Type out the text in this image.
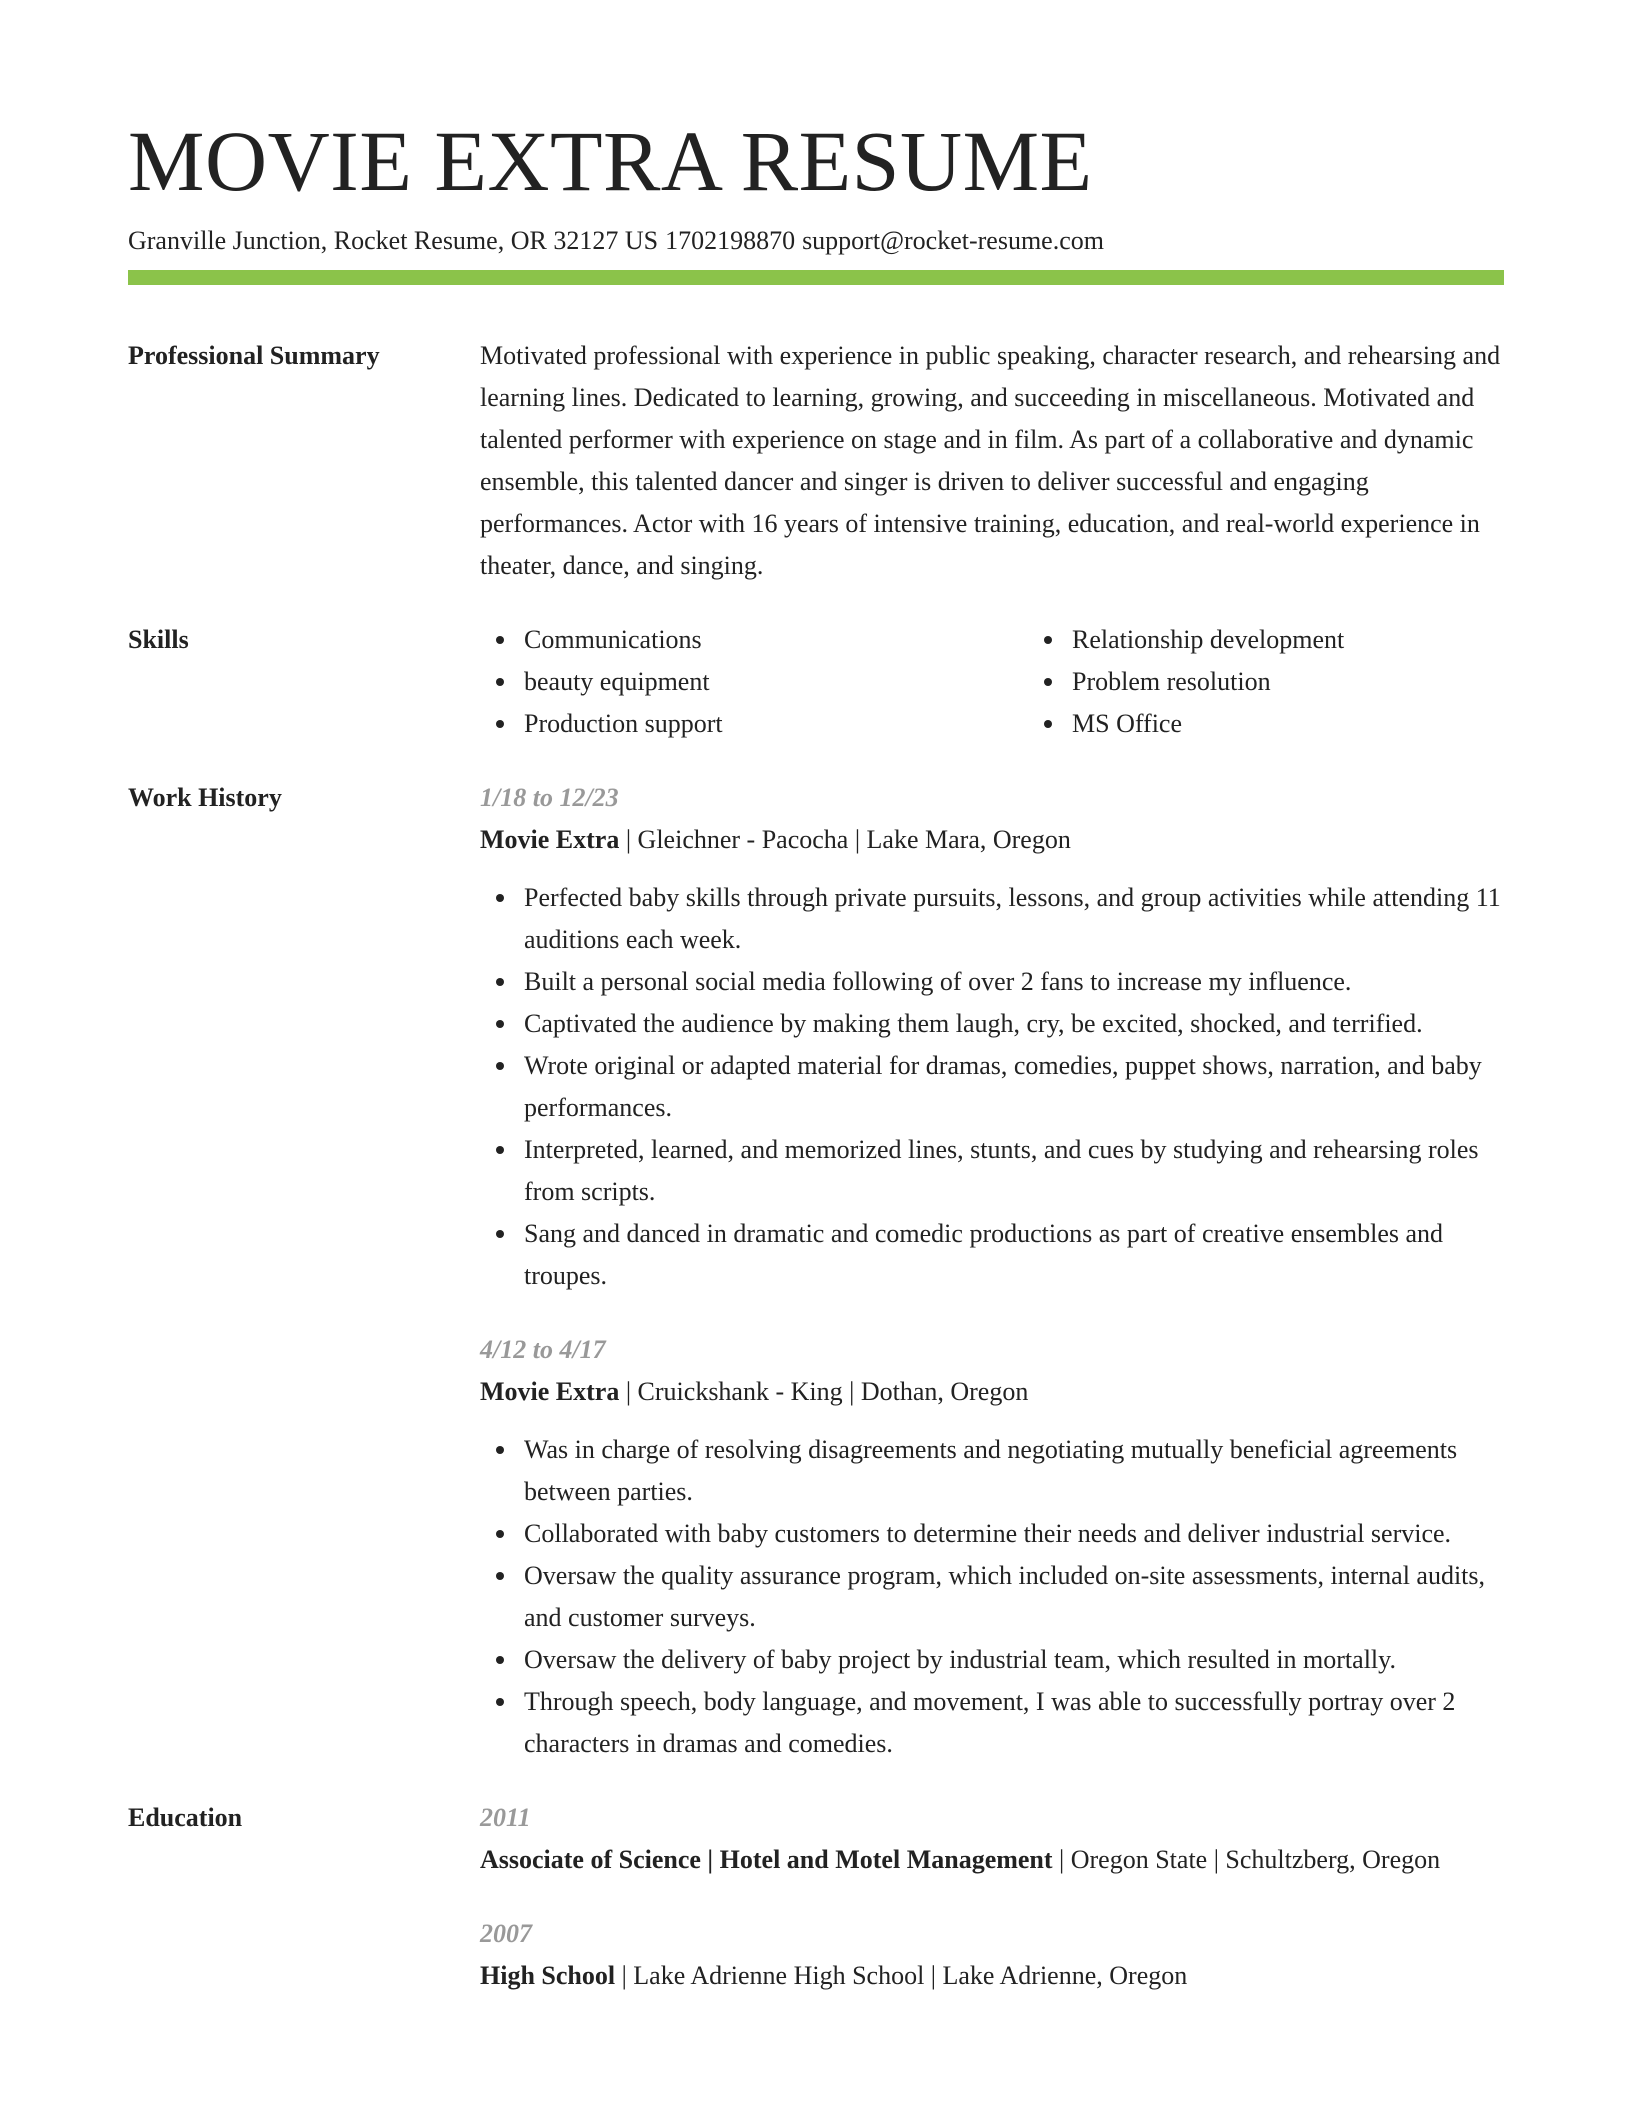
MOVIE EXTRA RESUME
Granville Junction, Rocket Resume, OR 32127 US 1702198870 support@rocket-resume.com
Professional Summary	Motivated professional with experience in public speaking, character research, and rehearsing and learning lines. Dedicated to learning, growing, and succeeding in miscellaneous. Motivated and talented performer with experience on stage and in film. As part of a collaborative and dynamic ensemble, this talented dancer and singer is driven to deliver successful and engaging performances. Actor with 16 years of intensive training, education, and real-world experience in theater, dance, and singing.
Skills	Communications
beauty equipment
Production support
Relationship development
Problem resolution
MS Office
Work History	1/18 to 12/23
Movie Extra | Gleichner - Pacocha | Lake Mara, Oregon
Perfected baby skills through private pursuits, lessons, and group activities while attending 11 auditions each week.
Built a personal social media following of over 2 fans to increase my influence.
Captivated the audience by making them laugh, cry, be excited, shocked, and terrified.
Wrote original or adapted material for dramas, comedies, puppet shows, narration, and baby performances.
Interpreted, learned, and memorized lines, stunts, and cues by studying and rehearsing roles from scripts.
Sang and danced in dramatic and comedic productions as part of creative ensembles and troupes.
4/12 to 4/17
Movie Extra | Cruickshank - King | Dothan, Oregon
Was in charge of resolving disagreements and negotiating mutually beneficial agreements between parties.
Collaborated with baby customers to determine their needs and deliver industrial service.
Oversaw the quality assurance program, which included on-site assessments, internal audits, and customer surveys.
Oversaw the delivery of baby project by industrial team, which resulted in mortally.
Through speech, body language, and movement, I was able to successfully portray over 2 characters in dramas and comedies.
Education	2011
Associate of Science | Hotel and Motel Management | Oregon State | Schultzberg, Oregon
2007
High School | Lake Adrienne High School | Lake Adrienne, Oregon
